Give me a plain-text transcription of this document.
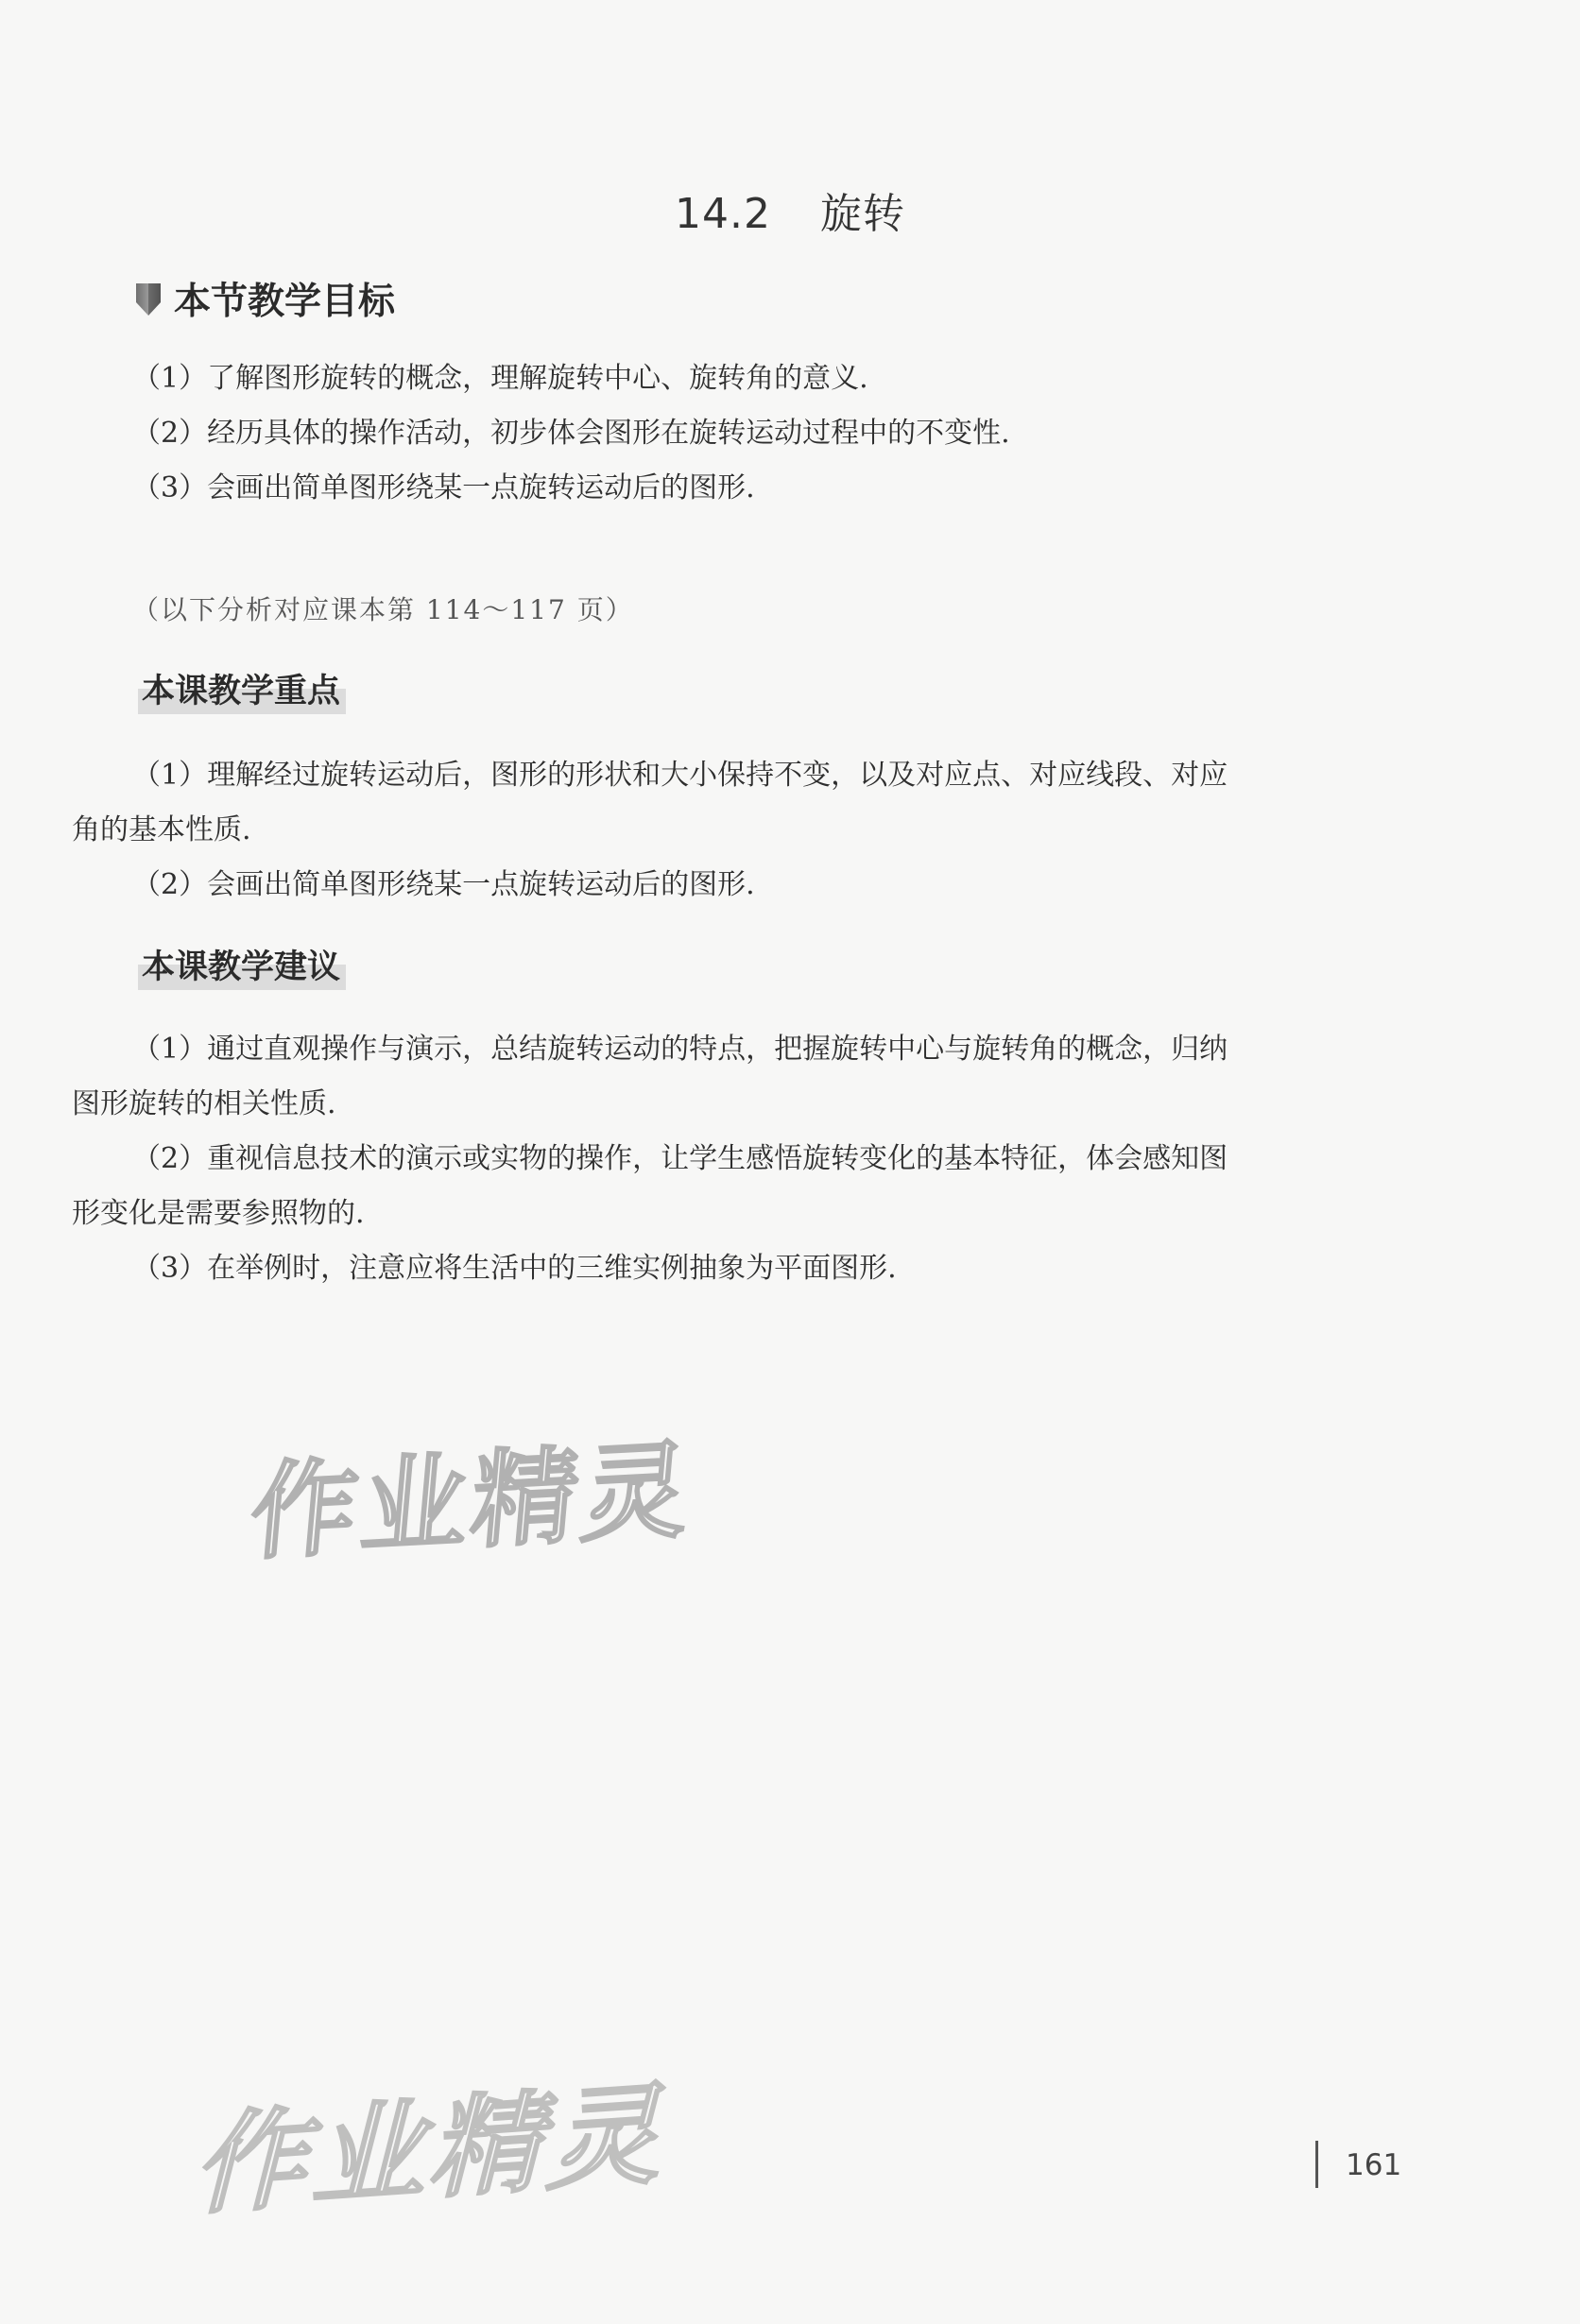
14.2 旋转
本节教学目标
（1）了解图形旋转的概念，理解旋转中心、旋转角的意义.
（2）经历具体的操作活动，初步体会图形在旋转运动过程中的不变性.
（3）会画出简单图形绕某一点旋转运动后的图形.
（以下分析对应课本第 114～117 页）
本课教学重点
（1）理解经过旋转运动后，图形的形状和大小保持不变，以及对应点、对应线段、对应
角的基本性质.
（2）会画出简单图形绕某一点旋转运动后的图形.
本课教学建议
（1）通过直观操作与演示，总结旋转运动的特点，把握旋转中心与旋转角的概念，归纳
图形旋转的相关性质.
（2）重视信息技术的演示或实物的操作，让学生感悟旋转变化的基本特征，体会感知图
形变化是需要参照物的.
（3）在举例时，注意应将生活中的三维实例抽象为平面图形.
作业精灵
作业精灵	161
